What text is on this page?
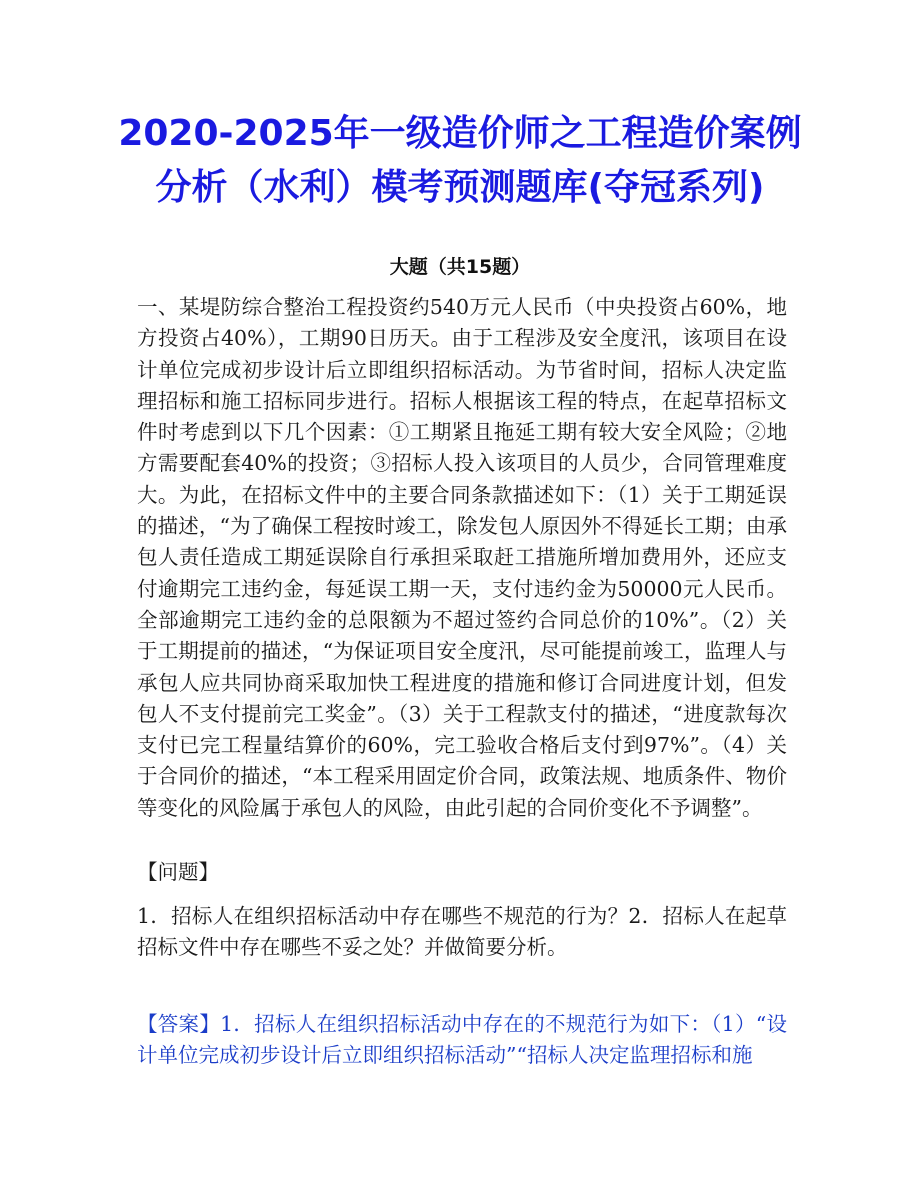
2020-2025年一级造价师之工程造价案例
分析（水利）模考预测题库(夺冠系列)
大题（共15题）

一、某堤防综合整治工程投资约540万元人民币（中央投资占60%，地方投资占40%），工期90日历天。由于工程涉及安全度汛，该项目在设计单位完成初步设计后立即组织招标活动。为节省时间，招标人决定监理招标和施工招标同步进行。招标人根据该工程的特点，在起草招标文件时考虑到以下几个因素：①工期紧且拖延工期有较大安全风险；②地方需要配套40%的投资；③招标人投入该项目的人员少，合同管理难度大。为此，在招标文件中的主要合同条款描述如下：（1）关于工期延误的描述，“为了确保工程按时竣工，除发包人原因外不得延长工期；由承包人责任造成工期延误除自行承担采取赶工措施所增加费用外，还应支付逾期完工违约金，每延误工期一天，支付违约金为50000元人民币。全部逾期完工违约金的总限额为不超过签约合同总价的10%”。（2）关于工期提前的描述，“为保证项目安全度汛，尽可能提前竣工，监理人与承包人应共同协商采取加快工程进度的措施和修订合同进度计划，但发包人不支付提前完工奖金”。（3）关于工程款支付的描述，“进度款每次支付已完工程量结算价的60%，完工验收合格后支付到97%”。（4）关于合同价的描述，“本工程采用固定价合同，政策法规、地质条件、物价等变化的风险属于承包人的风险，由此引起的合同价变化不予调整”。

【问题】

1．招标人在组织招标活动中存在哪些不规范的行为？2．招标人在起草招标文件中存在哪些不妥之处？并做简要分析。

【答案】1．招标人在组织招标活动中存在的不规范行为如下：（1）“设计单位完成初步设计后立即组织招标活动”“招标人决定监理招标和施
